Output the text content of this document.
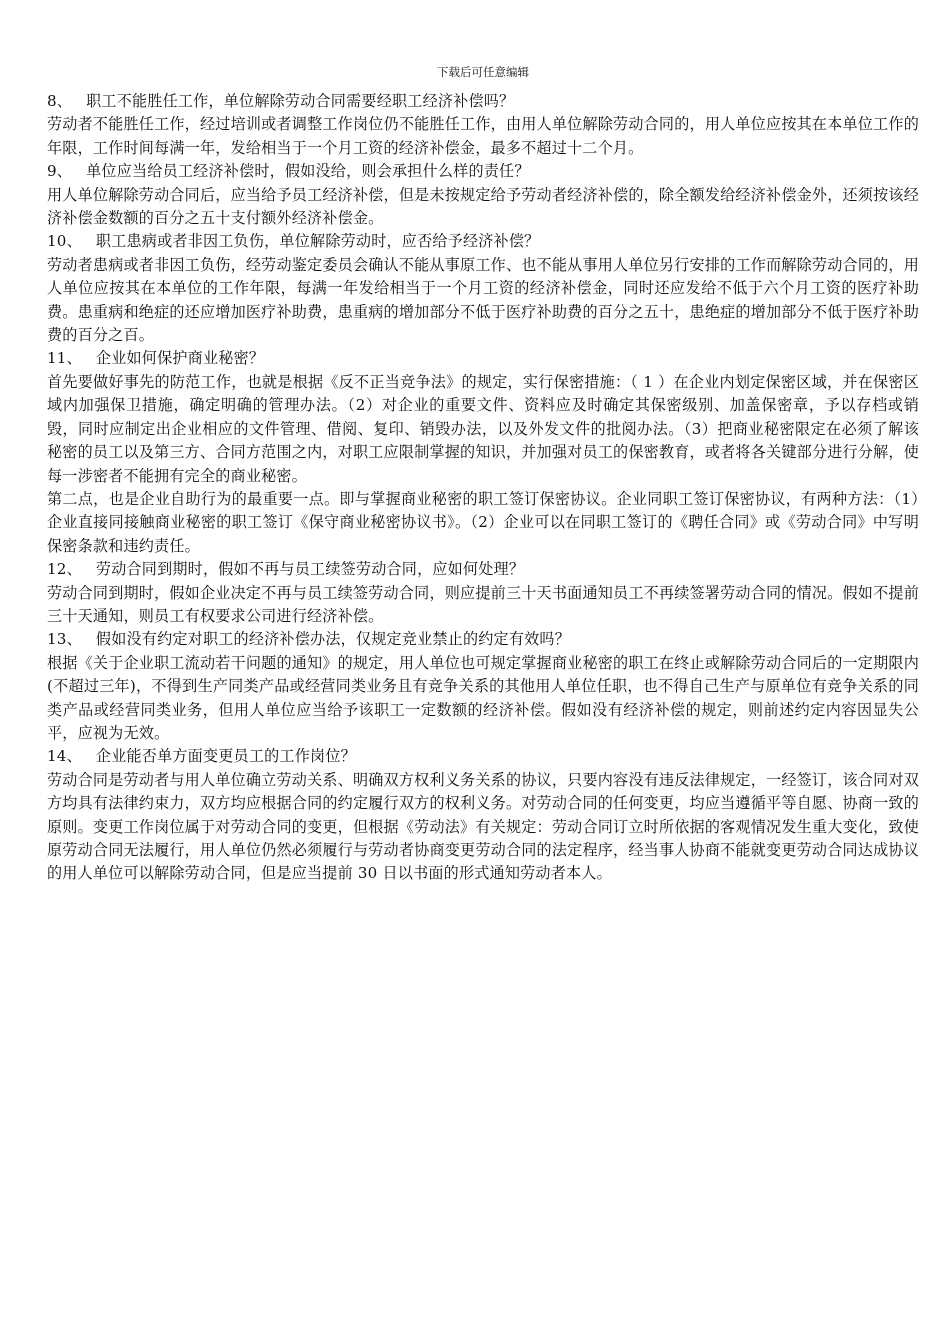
下载后可任意编辑

8、 职工不能胜任工作，单位解除劳动合同需要经职工经济补偿吗？

劳动者不能胜任工作，经过培训或者调整工作岗位仍不能胜任工作，由用人单位解除劳动合同的，用人单位应按其在本单位工作的年限，工作时间每满一年，发给相当于一个月工资的经济补偿金，最多不超过十二个月。

9、 单位应当给员工经济补偿时，假如没给，则会承担什么样的责任？

用人单位解除劳动合同后，应当给予员工经济补偿，但是未按规定给予劳动者经济补偿的，除全额发给经济补偿金外，还须按该经济补偿金数额的百分之五十支付额外经济补偿金。

10、 职工患病或者非因工负伤，单位解除劳动时，应否给予经济补偿？

劳动者患病或者非因工负伤，经劳动鉴定委员会确认不能从事原工作、也不能从事用人单位另行安排的工作而解除劳动合同的，用人单位应按其在本单位的工作年限，每满一年发给相当于一个月工资的经济补偿金，同时还应发给不低于六个月工资的医疗补助费。患重病和绝症的还应增加医疗补助费，患重病的增加部分不低于医疗补助费的百分之五十，患绝症的增加部分不低于医疗补助费的百分之百。

11、 企业如何保护商业秘密？

首先要做好事先的防范工作，也就是根据《反不正当竞争法》的规定，实行保密措施：（ 1 ）在企业内划定保密区域，并在保密区域内加强保卫措施，确定明确的管理办法。（2）对企业的重要文件、资料应及时确定其保密级别、加盖保密章，予以存档或销毁，同时应制定出企业相应的文件管理、借阅、复印、销毁办法，以及外发文件的批阅办法。（3）把商业秘密限定在必须了解该秘密的员工以及第三方、合同方范围之内，对职工应限制掌握的知识，并加强对员工的保密教育，或者将各关键部分进行分解，使每一涉密者不能拥有完全的商业秘密。

第二点，也是企业自助行为的最重要一点。即与掌握商业秘密的职工签订保密协议。企业同职工签订保密协议，有两种方法：（1）企业直接同接触商业秘密的职工签订《保守商业秘密协议书》。（2）企业可以在同职工签订的《聘任合同》或《劳动合同》中写明保密条款和违约责任。

12、 劳动合同到期时，假如不再与员工续签劳动合同，应如何处理？

劳动合同到期时，假如企业决定不再与员工续签劳动合同，则应提前三十天书面通知员工不再续签署劳动合同的情况。假如不提前三十天通知，则员工有权要求公司进行经济补偿。

13、 假如没有约定对职工的经济补偿办法，仅规定竞业禁止的约定有效吗？

根据《关于企业职工流动若干问题的通知》的规定，用人单位也可规定掌握商业秘密的职工在终止或解除劳动合同后的一定期限内(不超过三年)，不得到生产同类产品或经营同类业务且有竞争关系的其他用人单位任职，也不得自己生产与原单位有竞争关系的同类产品或经营同类业务，但用人单位应当给予该职工一定数额的经济补偿。假如没有经济补偿的规定，则前述约定内容因显失公平，应视为无效。

14、 企业能否单方面变更员工的工作岗位？

劳动合同是劳动者与用人单位确立劳动关系、明确双方权利义务关系的协议，只要内容没有违反法律规定，一经签订，该合同对双方均具有法律约束力，双方均应根据合同的约定履行双方的权利义务。对劳动合同的任何变更，均应当遵循平等自愿、协商一致的原则。变更工作岗位属于对劳动合同的变更，但根据《劳动法》有关规定：劳动合同订立时所依据的客观情况发生重大变化，致使原劳动合同无法履行，用人单位仍然必须履行与劳动者协商变更劳动合同的法定程序，经当事人协商不能就变更劳动合同达成协议的用人单位可以解除劳动合同，但是应当提前 30 日以书面的形式通知劳动者本人。
